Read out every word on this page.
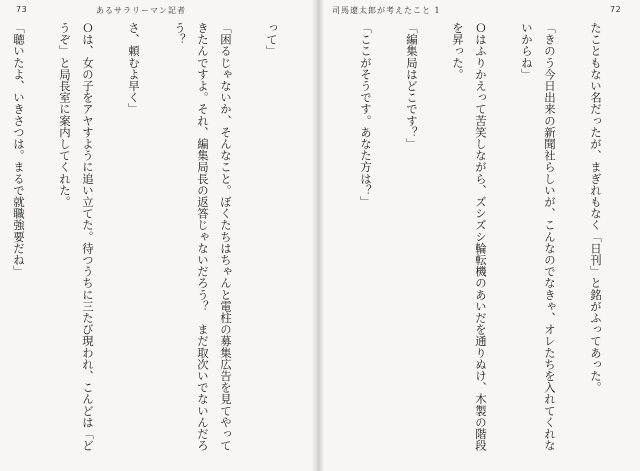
73	あるサラリーマン記者

って」

「困るじゃないか、そんなこと。ぼくたちはちゃんと電柱の募集広告を見てやってきたんですよ。それ、編集局長の返答じゃないだろう？　まだ取次いでないんだろう？

さ、頼むよ早く」

Ｏは、女の子をアヤすように追い立てた。待つうちに三たび現われ、こんどは「どうぞ」と局長室に案内してくれた。

「聴いたよ、いきさつは。まるで就職強要だね」

司馬遼太郎が考えたこと 1	72

たこともない名だったが、まぎれもなく「日刊」と銘がふってあった。

「きのう今日出来の新聞社らしいが、こんなのでなきゃ、オレたちを入れてくれないからね」

Ｏはふりかえって苦笑しながら、ズシズシ輪転機のあいだを通りぬけ、木製の階段を昇った。

「編集局はどこです？」

「ここがそうです。あなた方は？」
